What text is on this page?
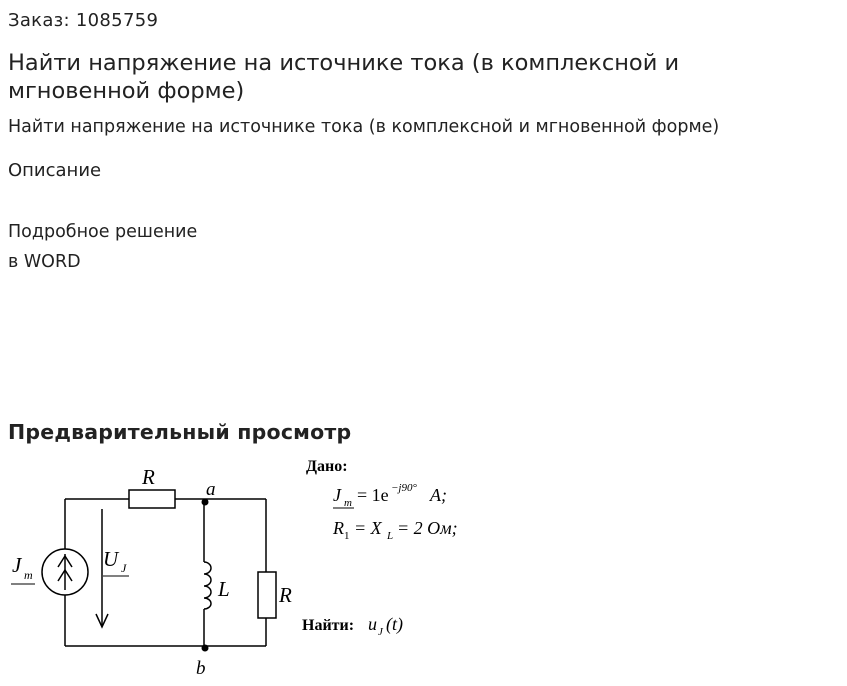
Заказ: 1085759
Найти напряжение на источнике тока (в комплексной и мгновенной форме)
Найти напряжение на источнике тока (в комплексной и мгновенной форме)
Описание
Подробное решение
в WORD
Предварительный просмотр
R
R
L
a
b
J m
U J
Дано:
J m = 1e −j90° A;
R 1 = X L = 2 Ом;
Найти: u J (t)
